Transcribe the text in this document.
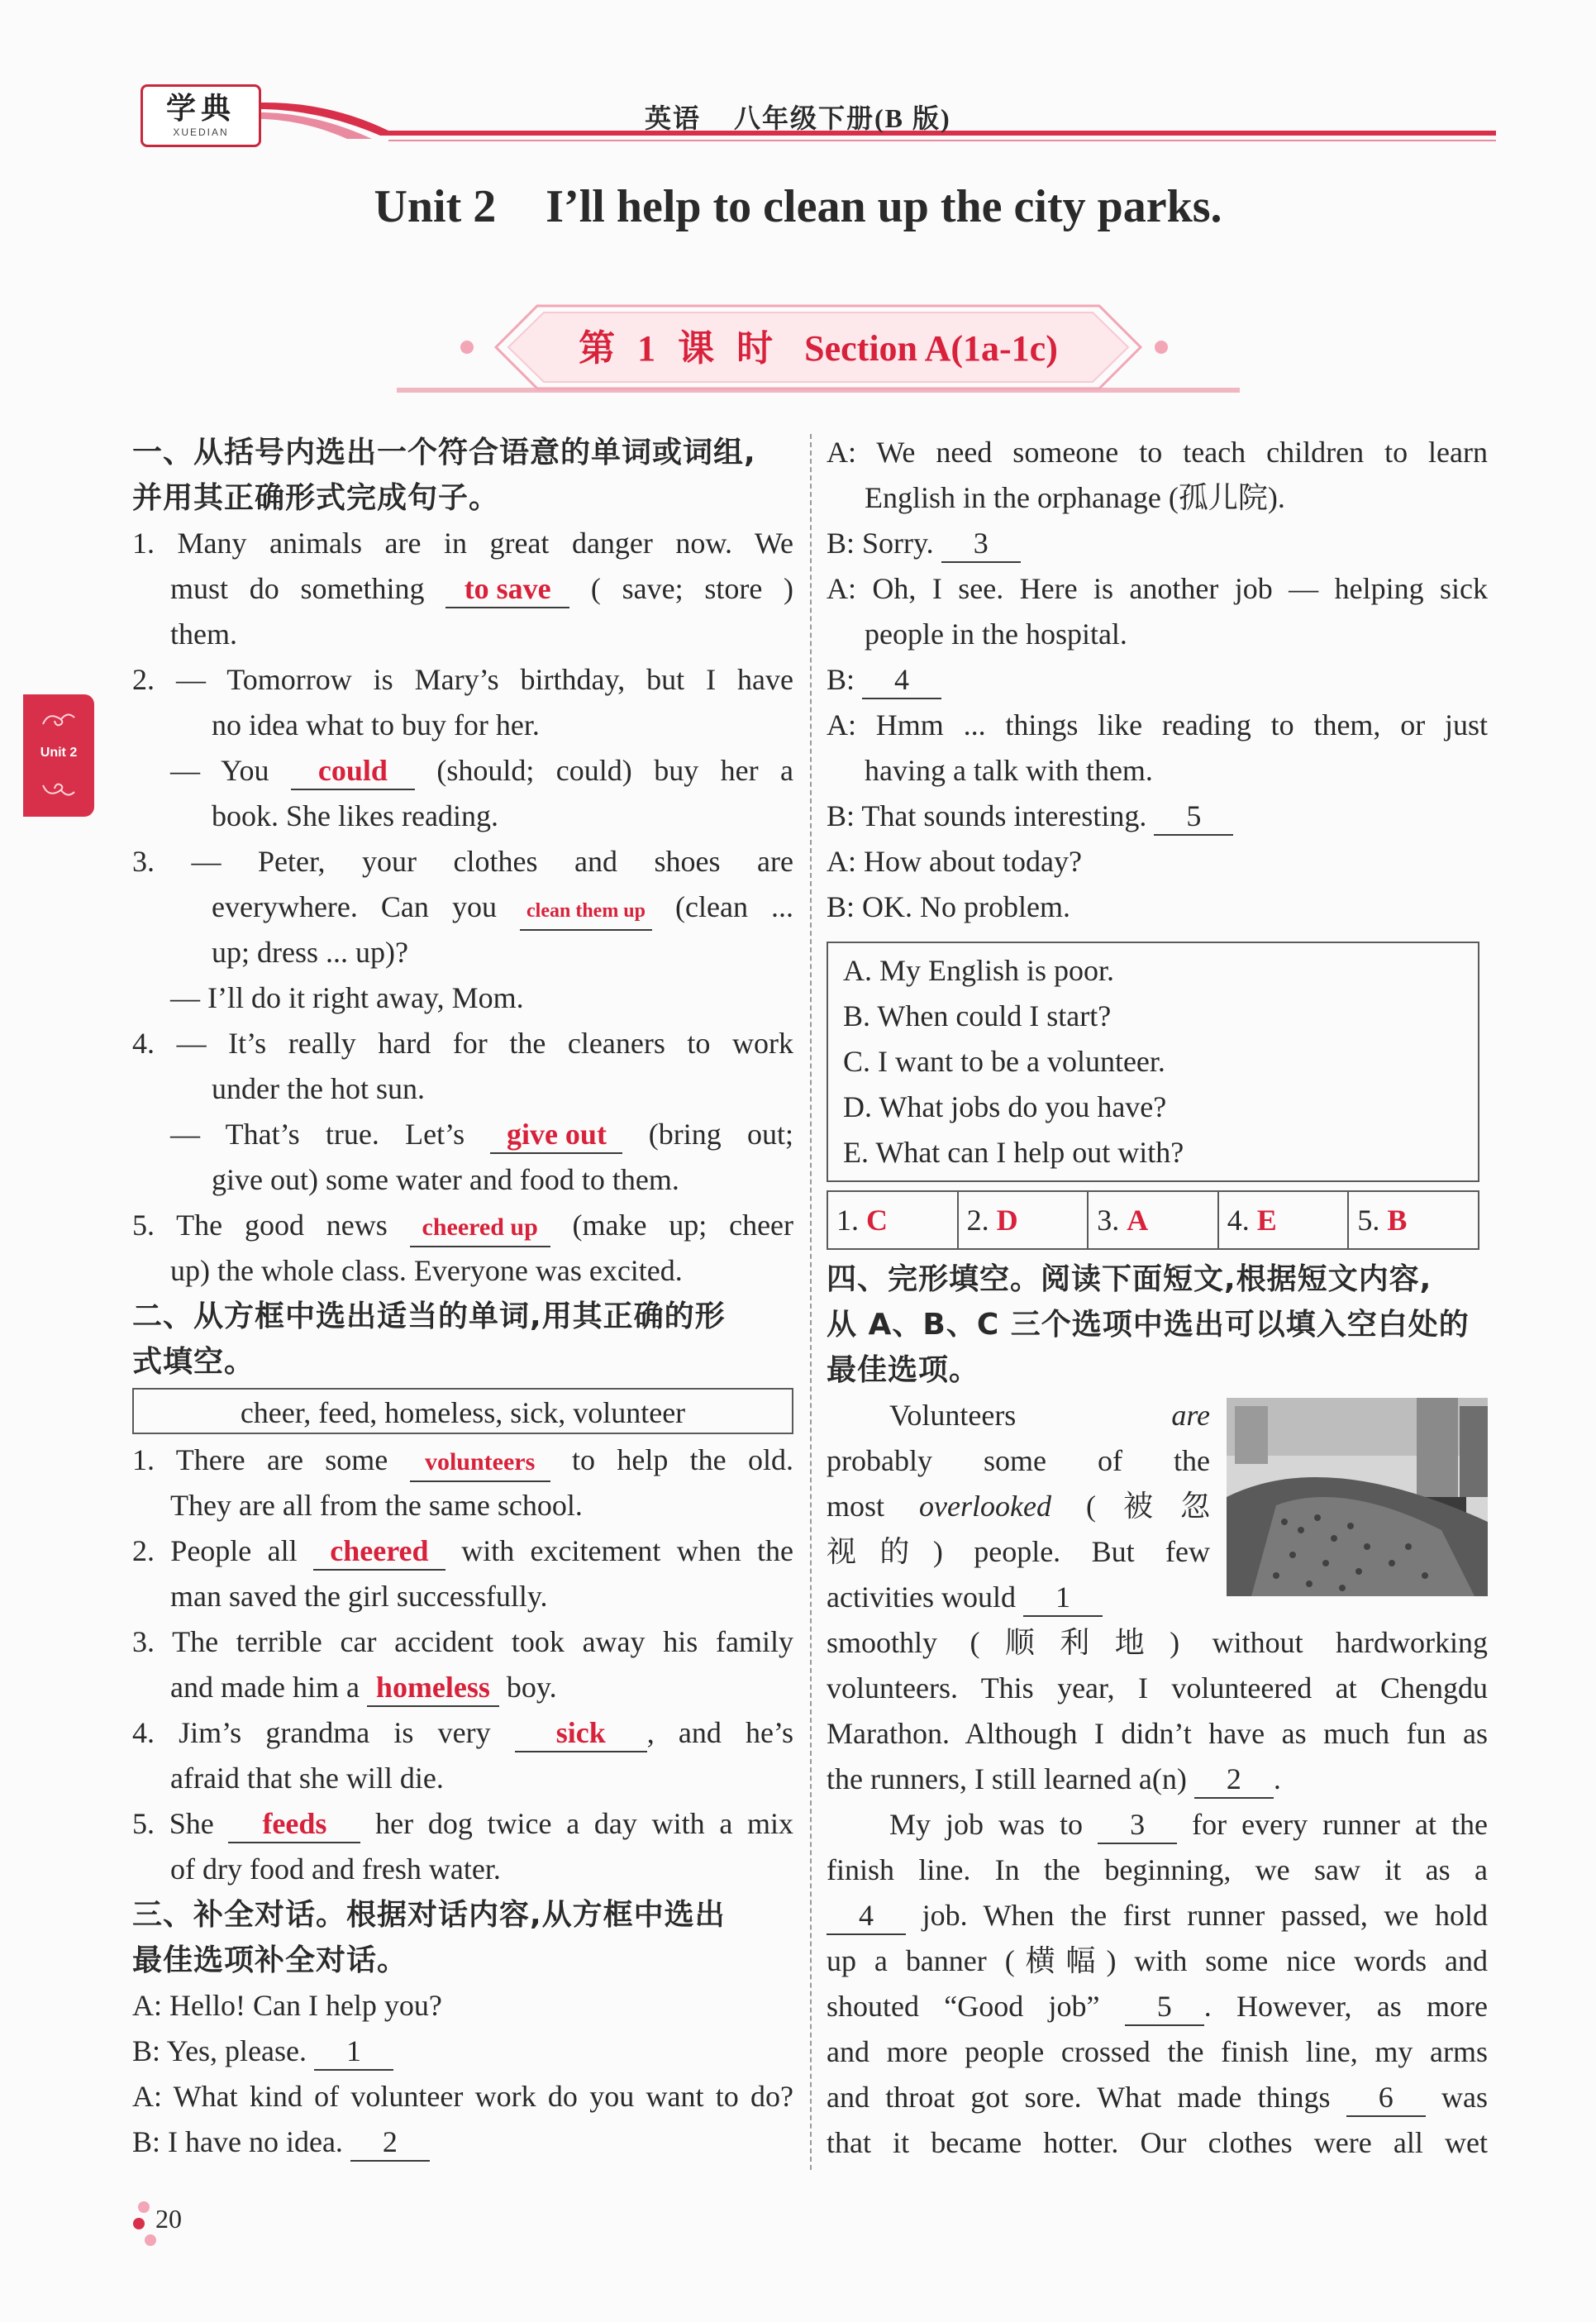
学典
XUEDIAN	英语 八年级下册(B 版)
Unit 2 I’ll help to clean up the city parks.
第 1 课 时 Section A(1a-1c)
Unit 2
一、从括号内选出一个符合语意的单词或词组,
并用其正确形式完成句子。
1. Many animals are in great danger now. We
must do something to save ( save; store )
them.
2. — Tomorrow is Mary’s birthday, but I have
no idea what to buy for her.
— You could (should; could) buy her a
book. She likes reading.
3. — Peter, your clothes and shoes are
everywhere. Can you clean them up (clean ...
up; dress ... up)?
— I’ll do it right away, Mom.
4. — It’s really hard for the cleaners to work
under the hot sun.
— That’s true. Let’s give out (bring out;
give out) some water and food to them.
5. The good news cheered up (make up; cheer
up) the whole class. Everyone was excited.
二、从方框中选出适当的单词,用其正确的形
式填空。
cheer, feed, homeless, sick, volunteer
1. There are some volunteers to help the old.
They are all from the same school.
2. People all cheered with excitement when the
man saved the girl successfully.
3. The terrible car accident took away his family
and made him a homeless boy.
4. Jim’s grandma is very sick , and he’s
afraid that she will die.
5. She feeds her dog twice a day with a mix
of dry food and fresh water.
三、补全对话。根据对话内容,从方框中选出
最佳选项补全对话。
A: Hello! Can I help you?
B: Yes, please. 1
A: What kind of volunteer work do you want to do?
B: I have no idea. 2
A: We need someone to teach children to learn
English in the orphanage (孤儿院).
B: Sorry. 3
A: Oh, I see. Here is another job — helping sick
people in the hospital.
B: 4
A: Hmm ... things like reading to them, or just
having a talk with them.
B: That sounds interesting. 5
A: How about today?
B: OK. No problem.
A. My English is poor.
B. When could I start?
C. I want to be a volunteer.
D. What jobs do you have?
E. What can I help out with?
1. C	2. D	3. A	4. E	5. B
四、完形填空。阅读下面短文,根据短文内容,
从 A、B、C 三个选项中选出可以填入空白处的
最佳选项。
Volunteers	are
probably some of the
most overlooked (被忽
视的) people. But few
activities would 1
smoothly (顺利地) without hardworking
volunteers. This year, I volunteered at Chengdu
Marathon. Although I didn’t have as much fun as
the runners, I still learned a(n) 2 .
My job was to 3 for every runner at the
finish line. In the beginning, we saw it as a
4 job. When the first runner passed, we hold
up a banner (横幅) with some nice words and
shouted “Good job” 5 . However, as more
and more people crossed the finish line, my arms
and throat got sore. What made things 6 was
that it became hotter. Our clothes were all wet
20
